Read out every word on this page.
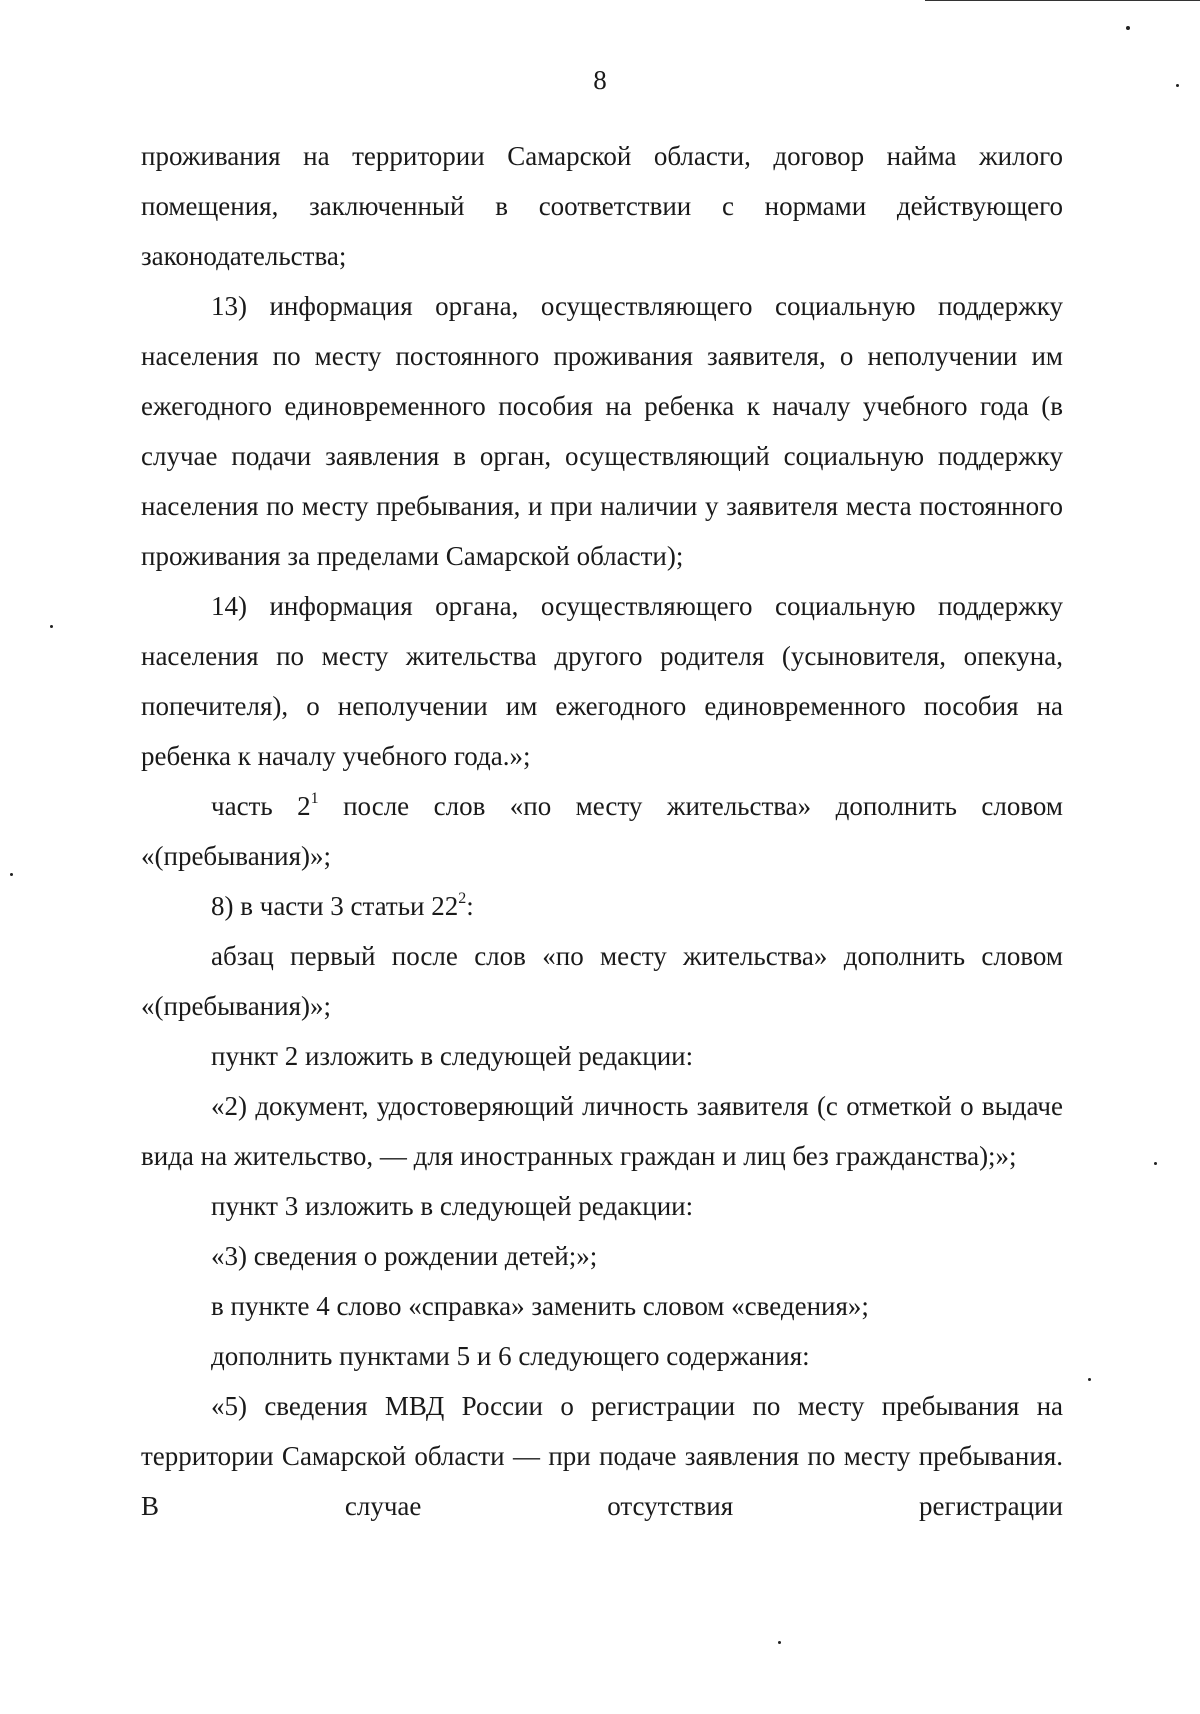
8

проживания на территории Самарской области, договор найма жилого помещения, заключенный в соответствии с нормами действующего законодательства;

13) информация органа, осуществляющего социальную поддержку населения по месту постоянного проживания заявителя, о неполучении им ежегодного единовременного пособия на ребенка к началу учебного года (в случае подачи заявления в орган, осуществляющий социальную поддержку населения по месту пребывания, и при наличии у заявителя места постоянного проживания за пределами Самарской области);

14) информация органа, осуществляющего социальную поддержку населения по месту жительства другого родителя (усыновителя, опекуна, попечителя), о неполучении им ежегодного единовременного пособия на ребенка к началу учебного года.»;

часть $2^1$ после слов «по месту жительства» дополнить словом «(пребывания)»;

8) в части 3 статьи $22^2$:

абзац первый после слов «по месту жительства» дополнить словом «(пребывания)»;

пункт 2 изложить в следующей редакции:

«2) документ, удостоверяющий личность заявителя (с отметкой о выдаче вида на жительство, — для иностранных граждан и лиц без гражданства);»;

пункт 3 изложить в следующей редакции:

«3) сведения о рождении детей;»;

в пункте 4 слово «справка» заменить словом «сведения»;

дополнить пунктами 5 и 6 следующего содержания:

«5) сведения МВД России о регистрации по месту пребывания на территории Самарской области — при подаче заявления по месту пребывания. В случае отсутствия регистрации
